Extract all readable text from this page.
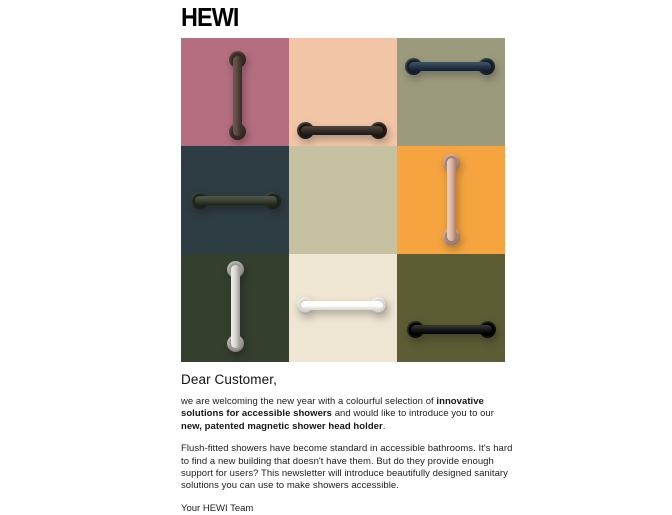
HEWI
Dear Customer,

we are welcoming the new year with a colourful selection of innovative solutions for accessible showers and would like to introduce you to our new, patented magnetic shower head holder.

Flush-fitted showers have become standard in accessible bathrooms. It's hard to find a new building that doesn't have them. But do they provide enough support for users? This newsletter will introduce beautifully designed sanitary solutions you can use to make showers accessible.

Your HEWI Team
